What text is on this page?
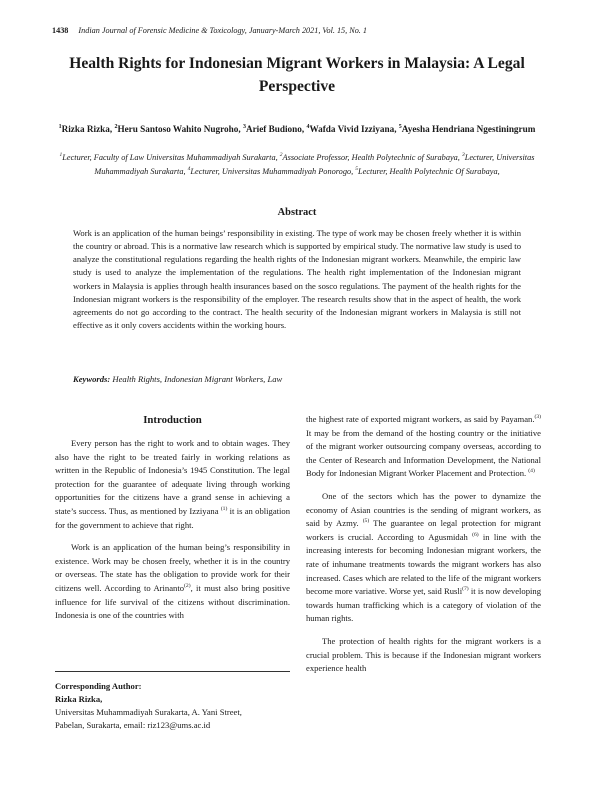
1438 Indian Journal of Forensic Medicine & Toxicology, January-March 2021, Vol. 15, No. 1
Health Rights for Indonesian Migrant Workers in Malaysia: A Legal Perspective
$^1$Rizka Rizka, $^2$Heru Santoso Wahito Nugroho, $^3$Arief Budiono, $^4$Wafda Vivid Izziyana, $^5$Ayesha Hendriana Ngestiningrum
$^1$Lecturer, Faculty of Law Universitas Muhammadiyah Surakarta, $^2$Associate Professor, Health Polytechnic of Surabaya, $^3$Lecturer, Universitas Muhammadiyah Surakarta, $^4$Lecturer, Universitas Muhammadiyah Ponorogo, $^5$Lecturer, Health Polytechnic Of Surabaya,
Abstract

Work is an application of the human beings’ responsibility in existing. The type of work may be chosen freely whether it is within the country or abroad. This is a normative law research which is supported by empirical study. The normative law study is used to analyze the constitutional regulations regarding the health rights of the Indonesian migrant workers. Meanwhile, the empiric law study is used to analyze the implementation of the regulations. The health right implementation of the Indonesian migrant workers in Malaysia is applies through health insurances based on the sosco regulations. The payment of the health rights for the Indonesian migrant workers is the responsibility of the employer. The research results show that in the aspect of health, the work agreements do not go according to the contract. The health security of the Indonesian migrant workers in Malaysia is still not effective as it only covers accidents within the working hours.

Keywords: Health Rights, Indonesian Migrant Workers, Law

Introduction

Every person has the right to work and to obtain wages. They also have the right to be treated fairly in working relations as written in the Republic of Indonesia’s 1945 Constitution. The legal protection for the guarantee of adequate living through working opportunities for the citizens have a grand sense in achieving a state’s success. Thus, as mentioned by Izziyana $^{(1)}$ it is an obligation for the government to achieve that right.

Work is an application of the human being’s responsibility in existence. Work may be chosen freely, whether it is in the country or overseas. The state has the obligation to provide work for their citizens well. According to Arinanto$^{(2)}$, it must also bring positive influence for life survival of the citizens without discrimination. Indonesia is one of the countries with

the highest rate of exported migrant workers, as said by Payaman.$^{(3)}$ It may be from the demand of the hosting country or the initiative of the migrant worker outsourcing company overseas, according to the Center of Research and Information Development, the National Body for Indonesian Migrant Worker Placement and Protection. $^{(4)}$

One of the sectors which has the power to dynamize the economy of Asian countries is the sending of migrant workers, as said by Azmy. $^{(5)}$ The guarantee on legal protection for migrant workers is crucial. According to Agusmidah $^{(6)}$ in line with the increasing interests for becoming Indonesian migrant workers, the rate of inhumane treatments towards the migrant workers has also increased. Cases which are related to the life of the migrant workers become more variative. Worse yet, said Rusli$^{(7)}$ it is now developing towards human trafficking which is a category of violation of the human rights.

The protection of health rights for the migrant workers is a crucial problem. This is because if the Indonesian migrant workers experience health

Corresponding Author:
Rizka Rizka,
Universitas Muhammadiyah Surakarta, A. Yani Street,
Pabelan, Surakarta, email: riz123@ums.ac.id
